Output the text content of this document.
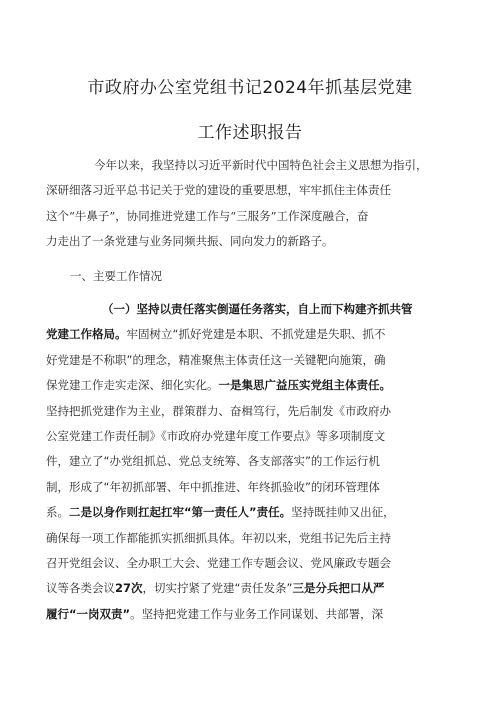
市政府办公室党组书记2024年抓基层党建
工作述职报告

今年以来，我坚持以习近平新时代中国特色社会主义思想为指引，
深研细落习近平总书记关于党的建设的重要思想，牢牢抓住主体责任
这个“牛鼻子”，协同推进党建工作与“三服务”工作深度融合，奋
力走出了一条党建与业务同频共振、同向发力的新路子。

一、主要工作情况

（一）坚持以责任落实倒逼任务落实，自上而下构建齐抓共管
党建工作格局。牢固树立“抓好党建是本职、不抓党建是失职、抓不
好党建是不称职”的理念，精准聚焦主体责任这一关键靶向施策，确
保党建工作走实走深、细化实化。一是集思广益压实党组主体责任。
坚持把抓党建作为主业，群策群力、奋楫笃行，先后制发《市政府办
公室党建工作责任制》《市政府办党建年度工作要点》等多项制度文
件，建立了“办党组抓总、党总支统筹、各支部落实”的工作运行机
制，形成了“年初抓部署、年中抓推进、年终抓验收”的闭环管理体
系。二是以身作则扛起扛牢“第一责任人”责任。坚持既挂帅又出征，
确保每一项工作都能抓实抓细抓具体。年初以来，党组书记先后主持
召开党组会议、全办职工大会、党建工作专题会议、党风廉政专题会
议等各类会议27次，切实拧紧了党建“责任发条”三是分兵把口从严
履行“一岗双责”。坚持把党建工作与业务工作同谋划、共部署，深
